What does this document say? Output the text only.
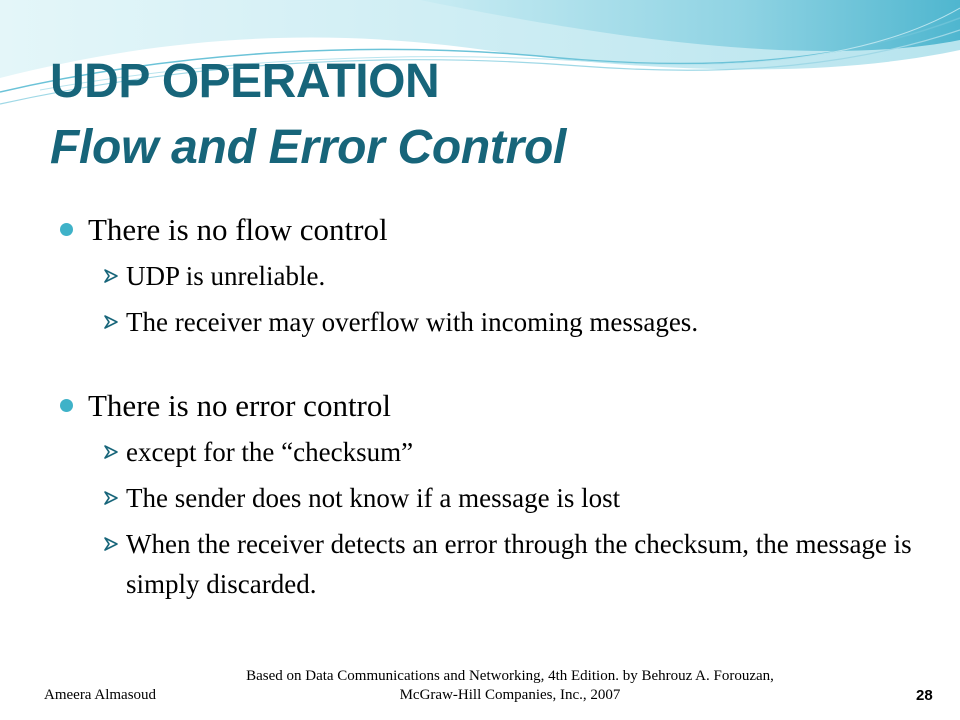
UDP OPERATION
Flow and Error Control
There is no flow control
UDP is unreliable.
The receiver may overflow with incoming messages.
There is no error control
except for the “checksum”
The sender does not know if a message is lost
When the receiver detects an error through the checksum, the message is simply discarded.
Ameera Almasoud
Based on Data Communications and Networking, 4th Edition. by Behrouz A. Forouzan, McGraw-Hill Companies, Inc., 2007	28
